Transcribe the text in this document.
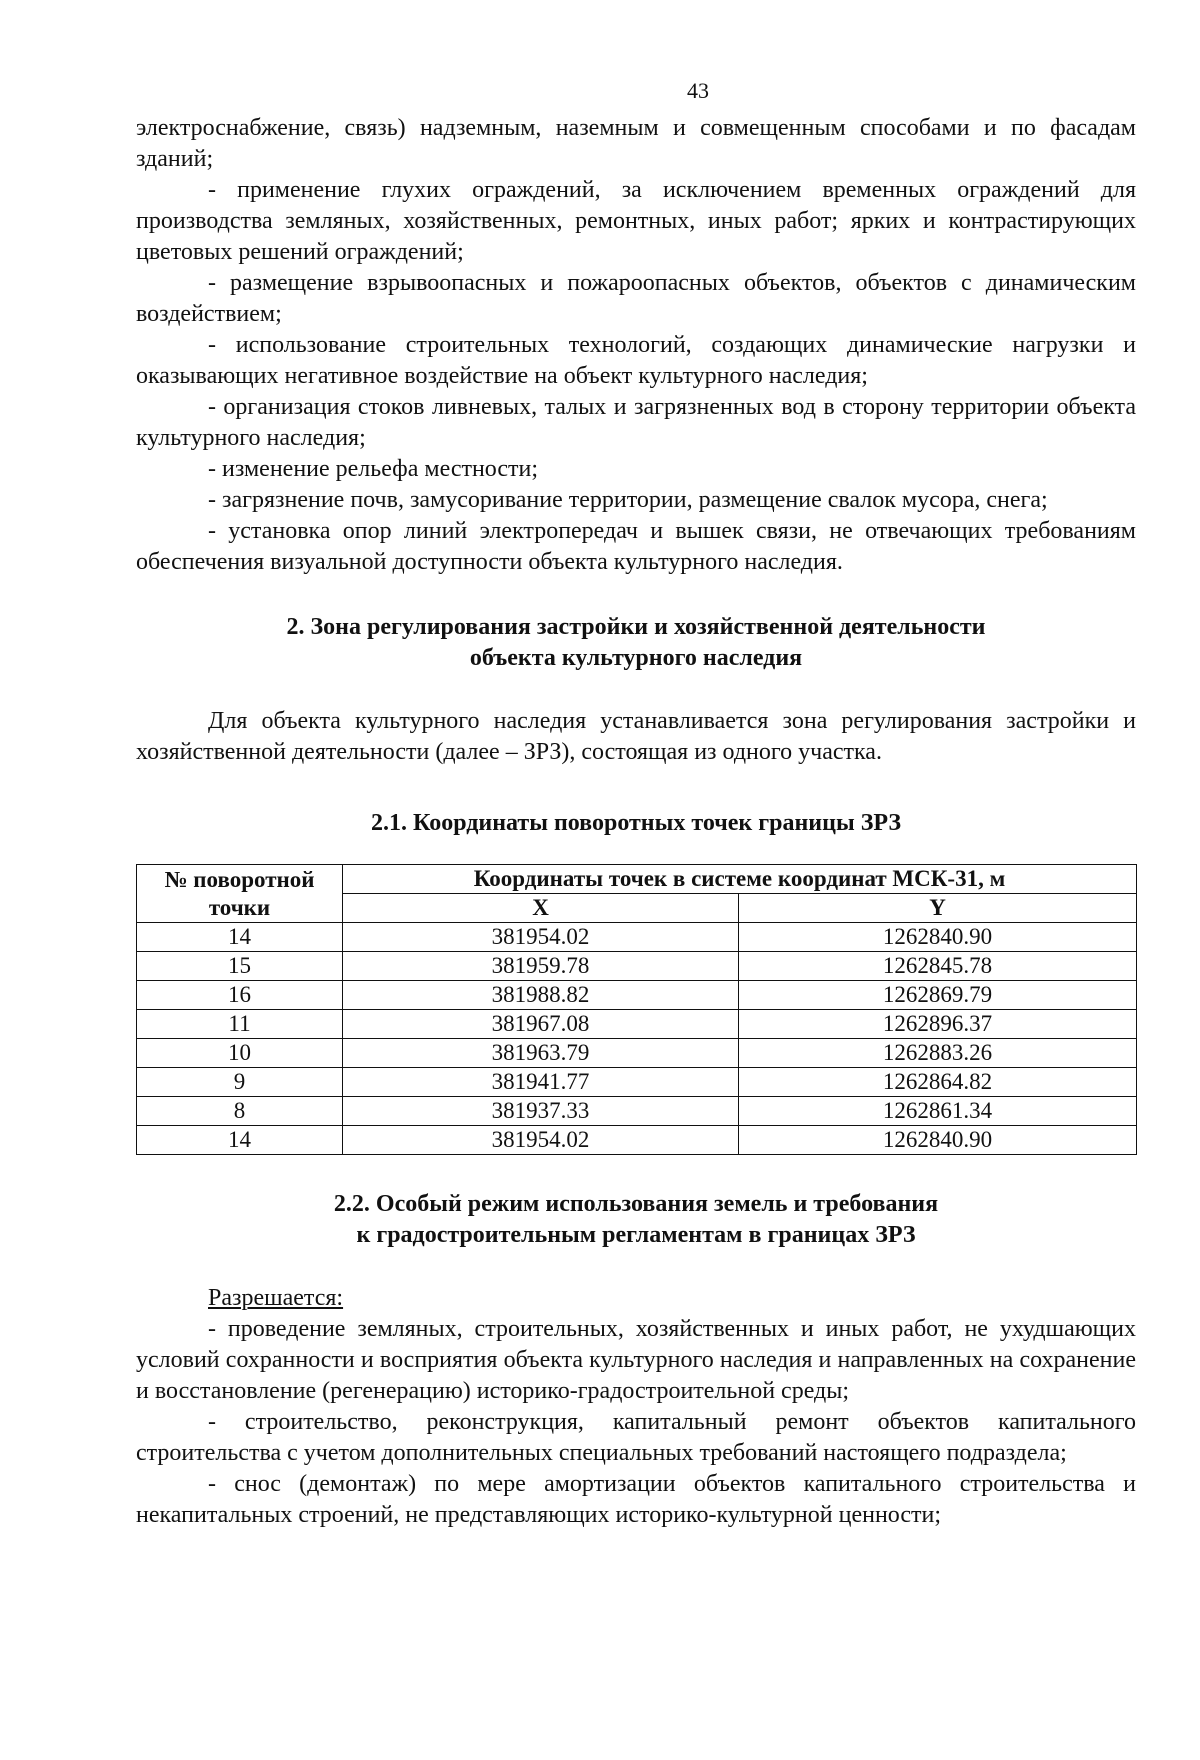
43

электроснабжение, связь) надземным, наземным и совмещенным способами и по фасадам зданий;

- применение глухих ограждений, за исключением временных ограждений для производства земляных, хозяйственных, ремонтных, иных работ; ярких и контрастирующих цветовых решений ограждений;

- размещение взрывоопасных и пожароопасных объектов, объектов с динамическим воздействием;

- использование строительных технологий, создающих динамические нагрузки и оказывающих негативное воздействие на объект культурного наследия;

- организация стоков ливневых, талых и загрязненных вод в сторону территории объекта культурного наследия;

- изменение рельефа местности;

- загрязнение почв, замусоривание территории, размещение свалок мусора, снега;

- установка опор линий электропередач и вышек связи, не отвечающих требованиям обеспечения визуальной доступности объекта культурного наследия.

2. Зона регулирования застройки и хозяйственной деятельности

объекта культурного наследия

Для объекта культурного наследия устанавливается зона регулирования застройки и хозяйственной деятельности (далее – ЗРЗ), состоящая из одного участка.

2.1. Координаты поворотных точек границы ЗРЗ

№ поворотной точки	Координаты точек в системе координат МСК-31, м	
	X	Y
14	381954.02	1262840.90
15	381959.78	1262845.78
16	381988.82	1262869.79
11	381967.08	1262896.37
10	381963.79	1262883.26
9	381941.77	1262864.82
8	381937.33	1262861.34
14	381954.02	1262840.90

2.2. Особый режим использования земель и требования

к градостроительным регламентам в границах ЗРЗ

Разрешается:

- проведение земляных, строительных, хозяйственных и иных работ, не ухудшающих условий сохранности и восприятия объекта культурного наследия и направленных на сохранение и восстановление (регенерацию) историко-градостроительной среды;

- строительство, реконструкция, капитальный ремонт объектов капитального строительства с учетом дополнительных специальных требований настоящего подраздела;

- снос (демонтаж) по мере амортизации объектов капитального строительства и некапитальных строений, не представляющих историко-культурной ценности;
